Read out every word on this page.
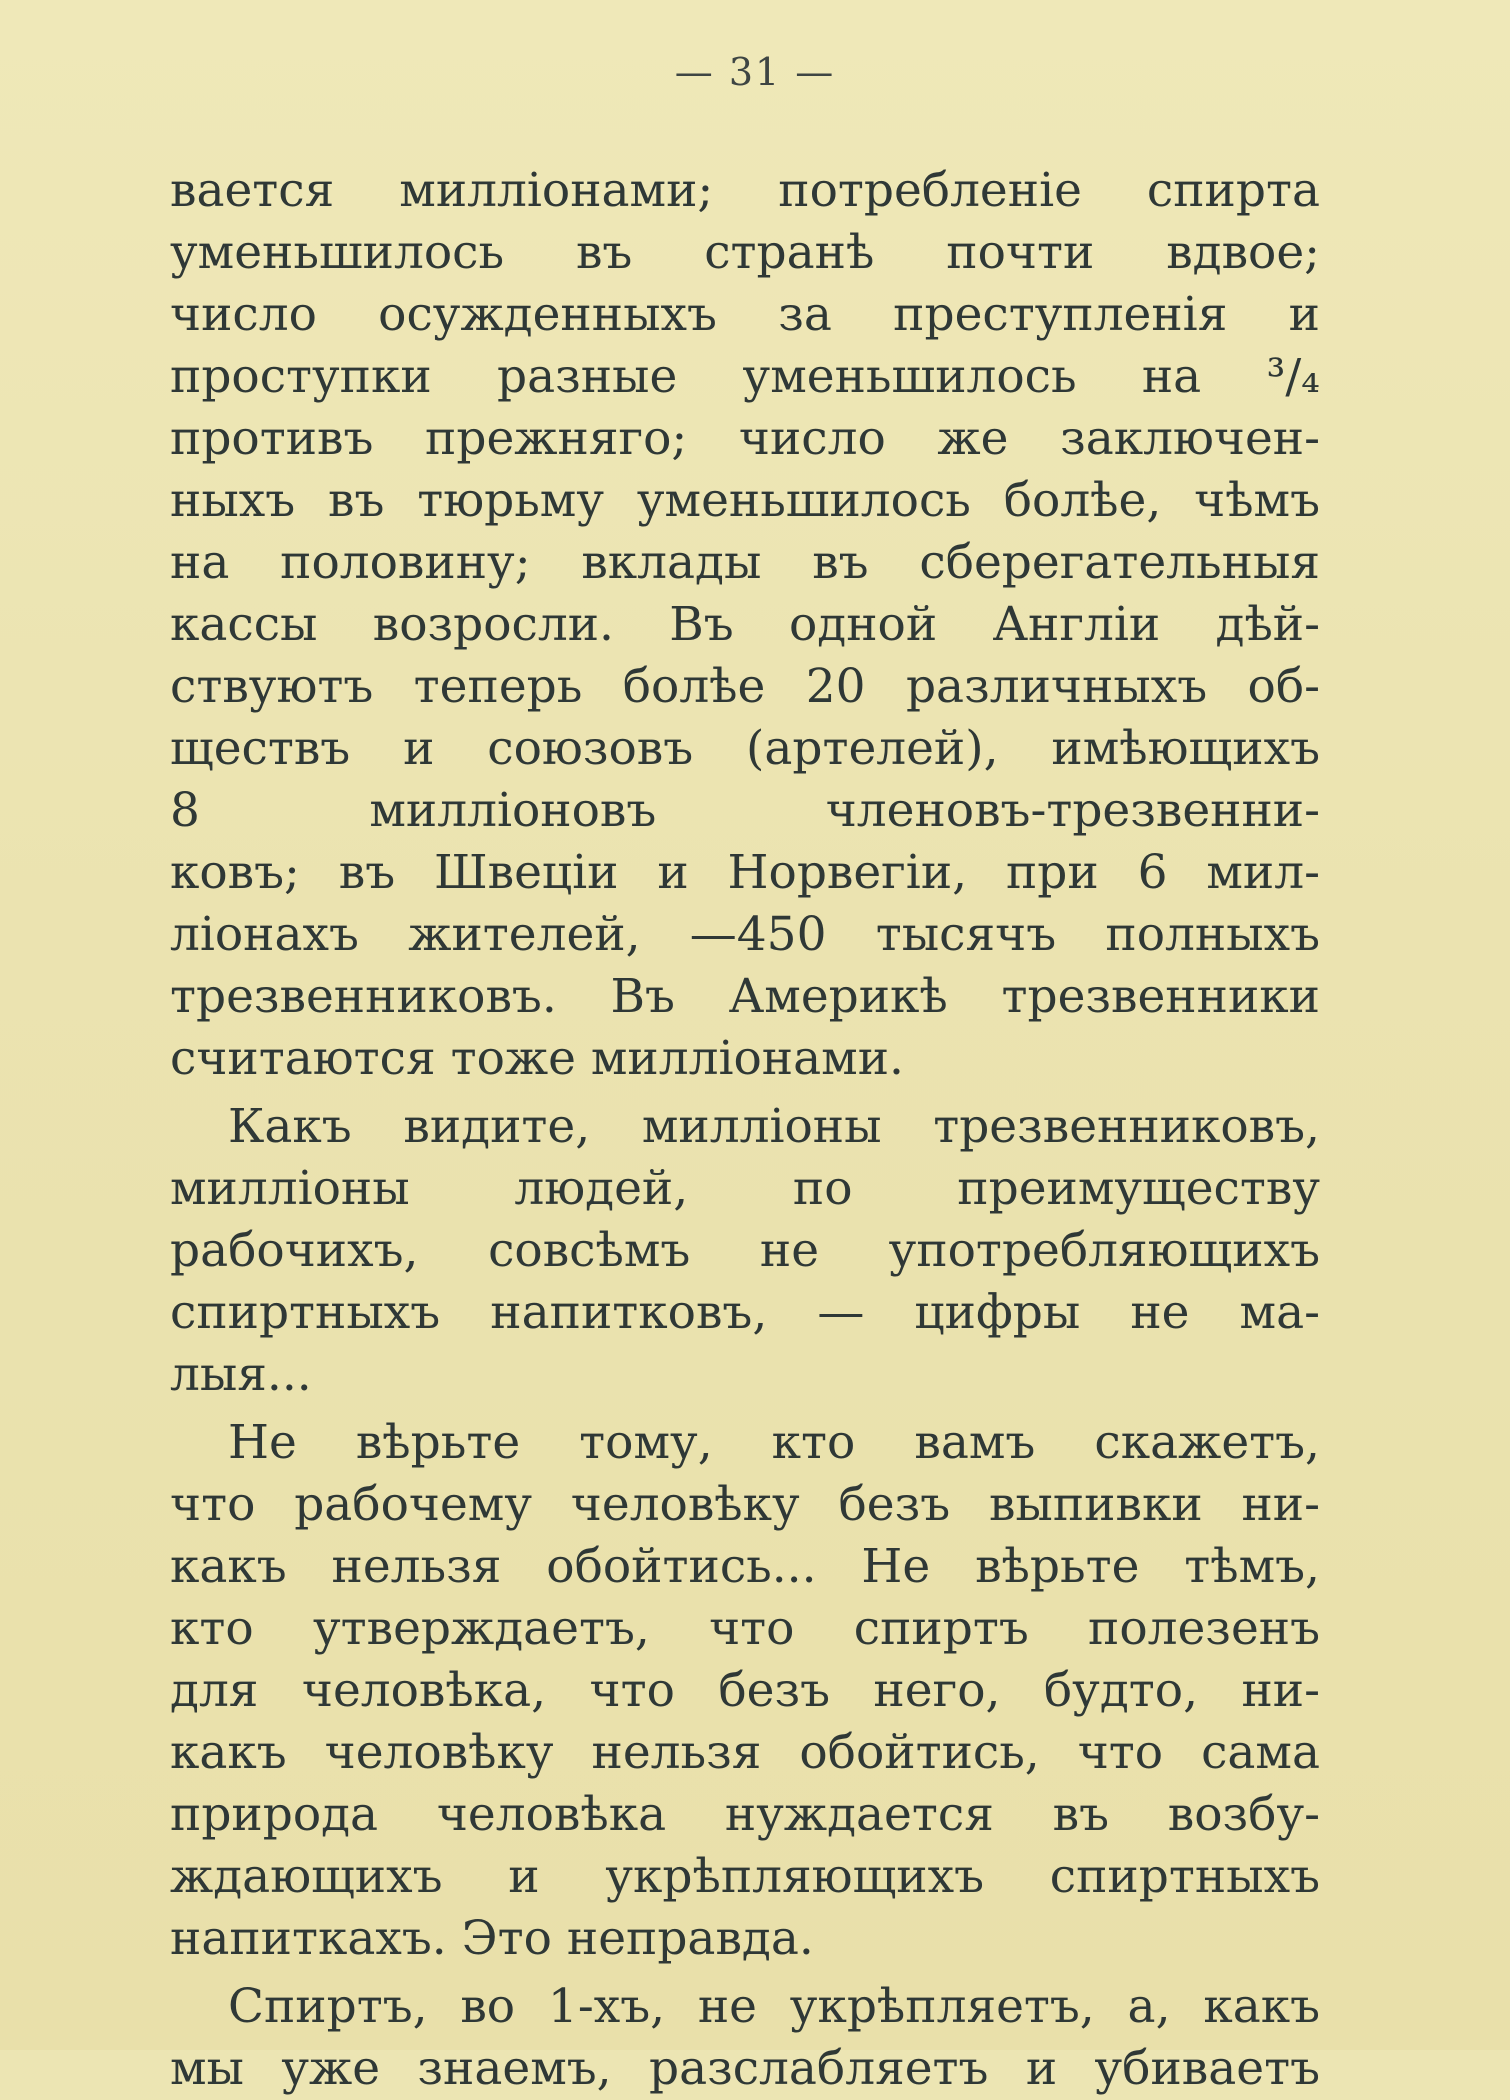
— 31 —
вается милліонами; потребленіе спирта
уменьшилось въ странѣ почти вдвое;
число осужденныхъ за преступленія и
проступки разные уменьшилось на ³/₄
противъ прежняго; число же заключен-
ныхъ въ тюрьму уменьшилось болѣе, чѣмъ
на половину; вклады въ сберегательныя
кассы возросли. Въ одной Англіи дѣй-
ствуютъ теперь болѣе 20 различныхъ об-
ществъ и союзовъ (артелей), имѣющихъ
8 милліоновъ членовъ-трезвенни-
ковъ; въ Швеціи и Норвегіи, при 6 мил-
ліонахъ жителей, —450 тысячъ полныхъ
трезвенниковъ. Въ Америкѣ трезвенники
считаются тоже милліонами.
Какъ видите, милліоны трезвенниковъ,
милліоны людей, по преимуществу
рабочихъ, совсѣмъ не употребляющихъ
спиртныхъ напитковъ, — цифры не ма-
лыя...
Не вѣрьте тому, кто вамъ скажетъ,
что рабочему человѣку безъ выпивки ни-
какъ нельзя обойтись... Не вѣрьте тѣмъ,
кто утверждаетъ, что спиртъ полезенъ
для человѣка, что безъ него, будто, ни-
какъ человѣку нельзя обойтись, что сама
природа человѣка нуждается въ возбу-
ждающихъ и укрѣпляющихъ спиртныхъ
напиткахъ. Это неправда.
Спиртъ, во 1-хъ, не укрѣпляетъ, а, какъ
мы уже знаемъ, разслабляетъ и убиваетъ
